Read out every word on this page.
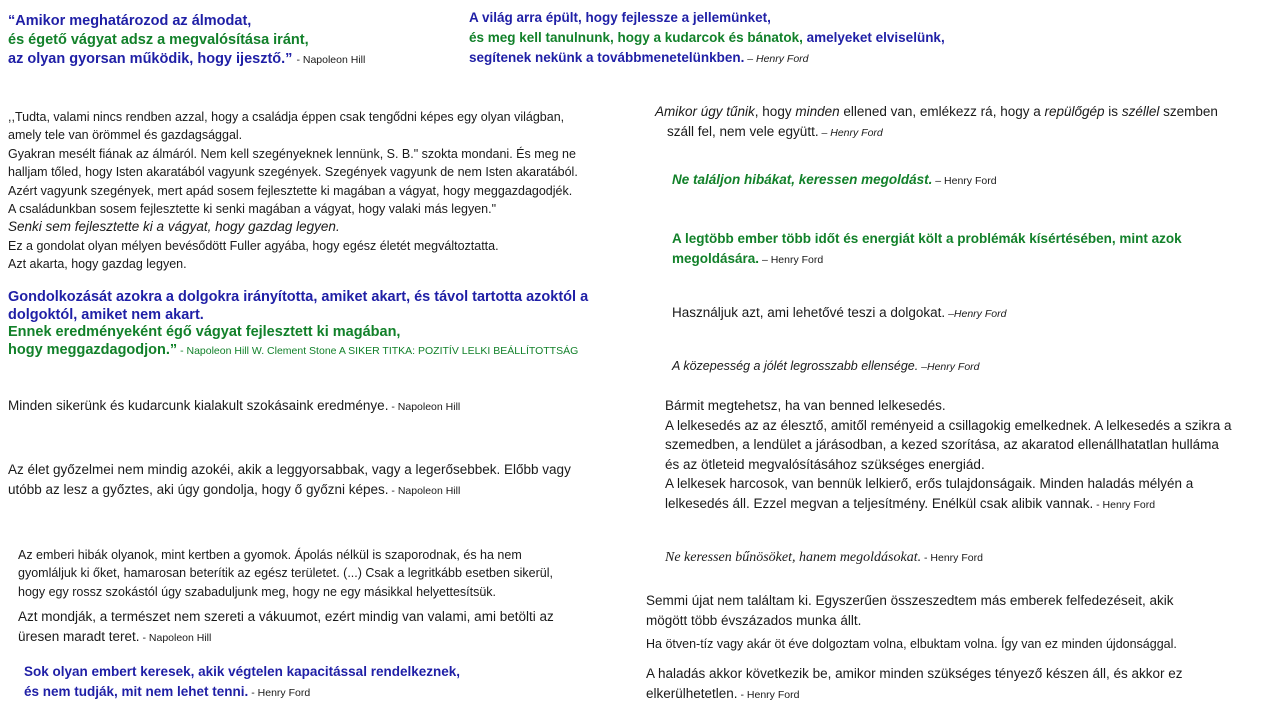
“Amikor meghatározod az álmodat,
és égető vágyat adsz a megvalósítása iránt,
az olyan gyorsan működik, hogy ijesztő.” - Napoleon Hill
,,Tudta, valami nincs rendben azzal, hogy a családja éppen csak tengődni képes egy olyan világban,
amely tele van örömmel és gazdagsággal.
Gyakran mesélt fiának az álmáról. Nem kell szegényeknek lennünk, S. B." szokta mondani. És meg ne
halljam tőled, hogy Isten akaratából vagyunk szegények. Szegények vagyunk de nem Isten akaratából.
Azért vagyunk szegények, mert apád sosem fejlesztette ki magában a vágyat, hogy meggazdagodjék.
A családunkban sosem fejlesztette ki senki magában a vágyat, hogy valaki más legyen."
Senki sem fejlesztette ki a vágyat, hogy gazdag legyen.
Ez a gondolat olyan mélyen bevésődött Fuller agyába, hogy egész életét megváltoztatta.
Azt akarta, hogy gazdag legyen.
Gondolkozását azokra a dolgokra irányította, amiket akart, és távol tartotta azoktól a
dolgoktól, amiket nem akart.
Ennek eredményeként égő vágyat fejlesztett ki magában,
hogy meggazdagodjon.” - Napoleon Hill W. Clement Stone A SIKER TITKA: POZITÍV LELKI BEÁLLÍTOTTSÁG
Minden sikerünk és kudarcunk kialakult szokásaink eredménye. - Napoleon Hill
Az élet győzelmei nem mindig azokéi, akik a leggyorsabbak, vagy a legerősebbek. Előbb vagy
utóbb az lesz a győztes, aki úgy gondolja, hogy ő győzni képes. - Napoleon Hill
Az emberi hibák olyanok, mint kertben a gyomok. Ápolás nélkül is szaporodnak, és ha nem
gyomláljuk ki őket, hamarosan beterítik az egész területet. (...) Csak a legritkább esetben sikerül,
hogy egy rossz szokástól úgy szabaduljunk meg, hogy ne egy másikkal helyettesítsük.
Azt mondják, a természet nem szereti a vákuumot, ezért mindig van valami, ami betölti az
üresen maradt teret. - Napoleon Hill
Sok olyan embert keresek, akik végtelen kapacitással rendelkeznek,
és nem tudják, mit nem lehet tenni. - Henry Ford
A világ arra épült, hogy fejlessze a jellemünket,
és meg kell tanulnunk, hogy a kudarcok és bánatok, amelyeket elviselünk,
segítenek nekünk a továbbmenetelünkben. – Henry Ford
Amikor úgy tűnik, hogy minden ellened van, emlékezz rá, hogy a repülőgép is széllel szemben
száll fel, nem vele együtt. – Henry Ford
Ne találjon hibákat, keressen megoldást. – Henry Ford
A legtöbb ember több időt és energiát költ a problémák kísértésében, mint azok
megoldására. – Henry Ford
Használjuk azt, ami lehetővé teszi a dolgokat. –Henry Ford
A közepesség a jólét legrosszabb ellensége. –Henry Ford
Bármit megtehetsz, ha van benned lelkesedés.
A lelkesedés az az élesztő, amitől reményeid a csillagokig emelkednek. A lelkesedés a szikra a
szemedben, a lendület a járásodban, a kezed szorítása, az akaratod ellenállhatatlan hulláma
és az ötleteid megvalósításához szükséges energiád.
A lelkesek harcosok, van bennük lelkierő, erős tulajdonságaik. Minden haladás mélyén a
lelkesedés áll. Ezzel megvan a teljesítmény. Enélkül csak alibik vannak. - Henry Ford
Ne keressen bűnösöket, hanem megoldásokat. - Henry Ford
Semmi újat nem találtam ki. Egyszerűen összeszedtem más emberek felfedezéseit, akik
mögött több évszázados munka állt.
Ha ötven-tíz vagy akár öt éve dolgoztam volna, elbuktam volna. Így van ez minden újdonsággal.
A haladás akkor következik be, amikor minden szükséges tényező készen áll, és akkor ez
elkerülhetetlen. - Henry Ford
